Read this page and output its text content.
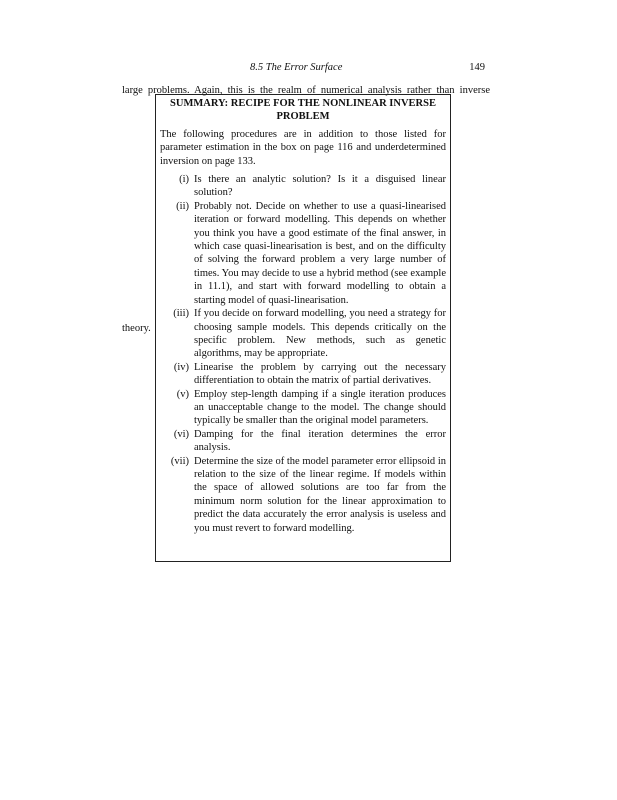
8.5 The Error Surface	149
large problems. Again, this is the realm of numerical analysis rather than inverse
theory.
SUMMARY: RECIPE FOR THE NONLINEAR INVERSE PROBLEM

The following procedures are in addition to those listed for parameter estimation in the box on page 116 and underdetermined inversion on page 133.

(i) Is there an analytic solution? Is it a disguised linear solution?
(ii) Probably not. Decide on whether to use a quasi-linearised iteration or forward modelling. This depends on whether you think you have a good estimate of the final answer, in which case quasi-linearisation is best, and on the difficulty of solving the forward problem a very large number of times. You may decide to use a hybrid method (see example in 11.1), and start with forward modelling to obtain a starting model of quasi-linearisation.
(iii) If you decide on forward modelling, you need a strategy for choosing sample models. This depends critically on the specific problem. New methods, such as genetic algorithms, may be appropriate.
(iv) Linearise the problem by carrying out the necessary differentiation to obtain the matrix of partial derivatives.
(v) Employ step-length damping if a single iteration produces an unacceptable change to the model. The change should typically be smaller than the original model parameters.
(vi) Damping for the final iteration determines the error analysis.
(vii) Determine the size of the model parameter error ellipsoid in relation to the size of the linear regime. If models within the space of allowed solutions are too far from the minimum norm solution for the linear approximation to predict the data accurately the error analysis is useless and you must revert to forward modelling.
